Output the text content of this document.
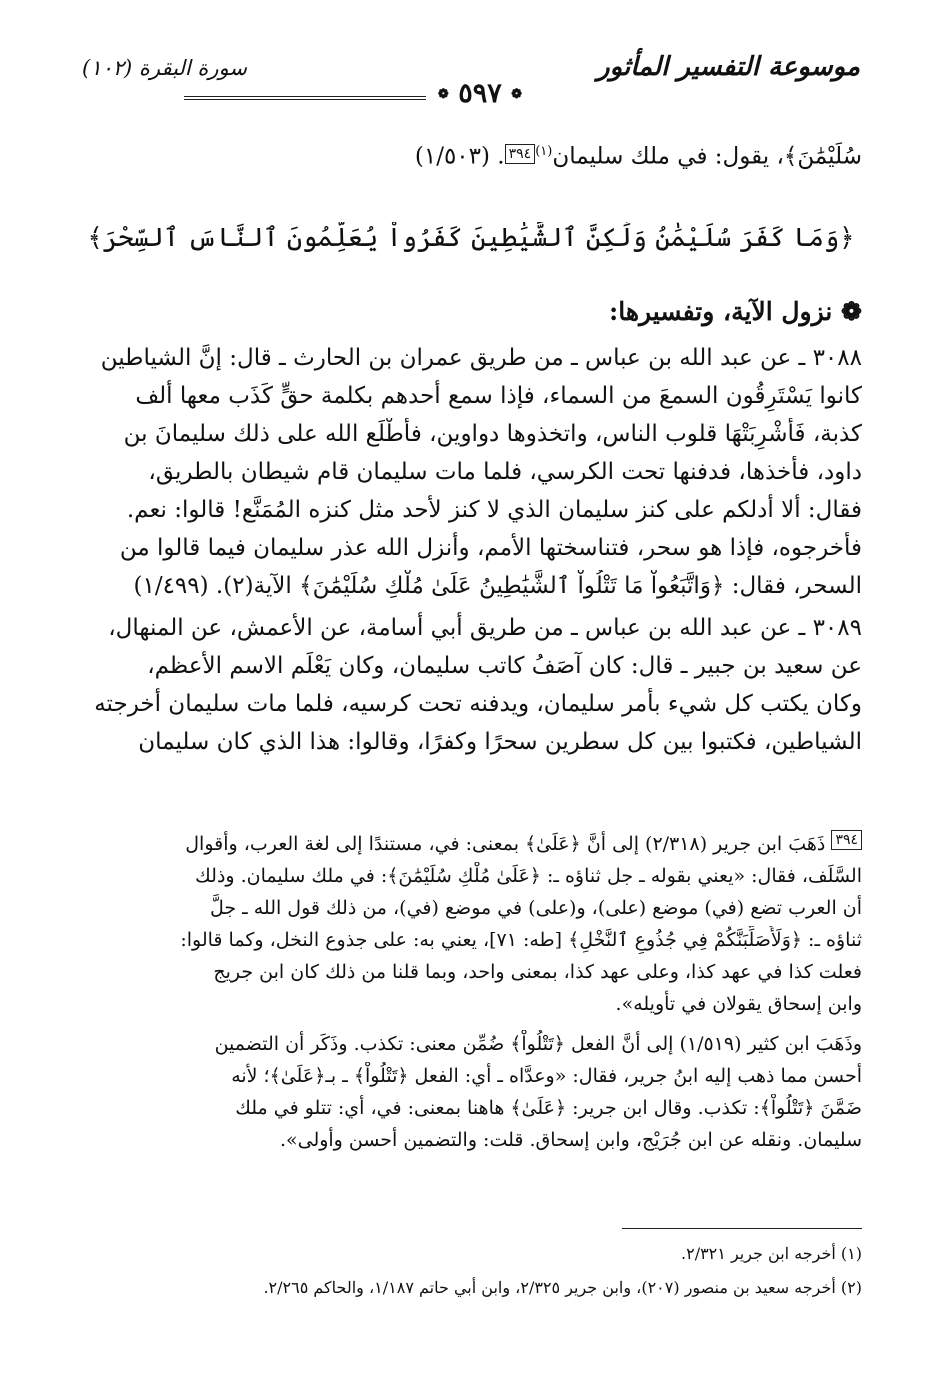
موسوعة التفسير المأثور
سورة البقرة (١٠٢)
❁ ٥٩٧ ❁
سُلَيْمَٰنَ﴾، يقول: في ملك سليمان$^{(١)}$٣٩٤. (١/٥٠٣)
﴿وَمَا كَفَرَ سُلَيْمَٰنُ وَلَٰكِنَّ ٱلشَّيَٰطِينَ كَفَرُواْ يُعَلِّمُونَ ٱلنَّاسَ ٱلسِّحْرَ﴾
❁ نزول الآية، وتفسيرها:
٣٠٨٨ ـ عن عبد الله بن عباس ـ من طريق عمران بن الحارث ـ قال: إنَّ الشياطين
كانوا يَسْتَرِقُون السمعَ من السماء، فإذا سمع أحدهم بكلمة حقٍّ كَذَب معها ألف
كذبة، فَأُشْرِبَتْهَا قلوب الناس، واتخذوها دواوين، فأَطْلَع الله على ذلك سليمانَ بن
داود، فأخذها، فدفنها تحت الكرسي، فلما مات سليمان قام شيطان بالطريق،
فقال: أَلا أدلكم على كنز سليمان الذي لا كنز لأحد مثل كنزه المُمَنَّع! قالوا: نعم.
فأخرجوه، فإذا هو سحر، فتناسختها الأمم، وأنزل الله عذر سليمان فيما قالوا من
السحر، فقال: ﴿وَاتَّبَعُواْ مَا تَتْلُواْ ٱلشَّيَٰطِينُ عَلَىٰ مُلْكِ سُلَيْمَٰنَ﴾ الآية(٢). (١/٤٩٩)
٣٠٨٩ ـ عن عبد الله بن عباس ـ من طريق أبي أسامة، عن الأعمش، عن المنهال،
عن سعيد بن جبير ـ قال: كان آصَفُ كاتب سليمان، وكان يَعْلَم الاسم الأعظم،
وكان يكتب كل شيء بأمر سليمان، ويدفنه تحت كرسيه، فلما مات سليمان أخرجته
الشياطين، فكتبوا بين كل سطرين سحرًا وكفرًا، وقالوا: هذا الذي كان سليمان
٣٩٤ ذَهَبَ ابن جرير (٢/٣١٨) إلى أنَّ ﴿عَلَىٰ﴾ بمعنى: في، مستندًا إلى لغة العرب، وأقوال
السَّلَف، فقال: «يعني بقوله ـ جل ثناؤه ـ: ﴿عَلَىٰ مُلْكِ سُلَيْمَٰنَ﴾: في ملك سليمان. وذلك
أن العرب تضع (في) موضع (على)، و(على) في موضع (في)، من ذلك قول الله ـ جلَّ
ثناؤه ـ: ﴿وَلَأُصَلِّبَنَّكُمْ فِي جُذُوعِ ٱلنَّخْلِ﴾ [طه: ٧١]، يعني به: على جذوع النخل، وكما قالوا:
فعلت كذا في عهد كذا، وعلى عهد كذا، بمعنى واحد، وبما قلنا من ذلك كان ابن جريج
وابن إسحاق يقولان في تأويله».
وذَهَبَ ابن كثير (١/٥١٩) إلى أنَّ الفعل ﴿تَتْلُواْ﴾ ضُمِّن معنى: تكذب. وذَكَر أن التضمين
أحسن مما ذهب إليه ابنُ جرير، فقال: «وعدَّاه ـ أي: الفعل ﴿تَتْلُواْ﴾ ـ بـ﴿عَلَىٰ﴾؛ لأنه
ضَمَّنَ ﴿تَتْلُواْ﴾: تكذب. وقال ابن جرير: ﴿عَلَىٰ﴾ هاهنا بمعنى: في، أي: تتلو في ملك
سليمان. ونقله عن ابن جُرَيْج، وابن إسحاق. قلت: والتضمين أحسن وأولى».
(١) أخرجه ابن جرير ٢/٣٢١.
(٢) أخرجه سعيد بن منصور (٢٠٧)، وابن جرير ٢/٣٢٥، وابن أبي حاتم ١/١٨٧، والحاكم ٢/٢٦٥.
